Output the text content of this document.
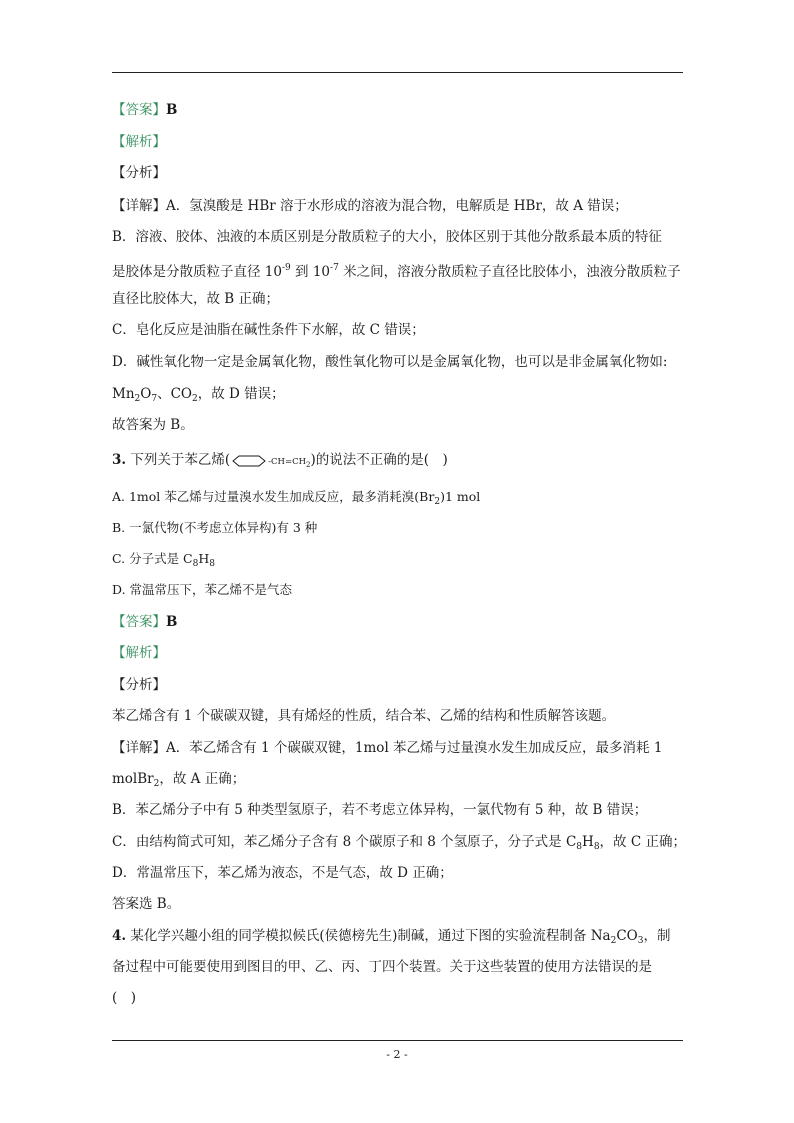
【答案】B
【解析】
【分析】
【详解】A．氢溴酸是 HBr 溶于水形成的溶液为混合物，电解质是 HBr，故 A 错误；
B．溶液、胶体、浊液的本质区别是分散质粒子的大小，胶体区别于其他分散系最本质的特征
是胶体是分散质粒子直径 $10^{-9}$ 到 $10^{-7}$ 米之间，溶液分散质粒子直径比胶体小，浊液分散质粒子
直径比胶体大，故 B 正确；
C．皂化反应是油脂在碱性条件下水解，故 C 错误；
D．碱性氧化物一定是金属氧化物，酸性氧化物可以是金属氧化物，也可以是非金属氧化物如:
$Mn_2O_7$、$CO_2$，故 D 错误；
故答案为 B。
3. 下列关于苯乙烯(	$-CH=CH_2$)的说法不正确的是(　)
A. 1mol 苯乙烯与过量溴水发生加成反应，最多消耗溴$(Br_2)1$ mol
B. 一氯代物(不考虑立体异构)有 3 种
C. 分子式是 $C_8H_8$
D. 常温常压下，苯乙烯不是气态
【答案】B
【解析】
【分析】
苯乙烯含有 1 个碳碳双键，具有烯烃的性质，结合苯、乙烯的结构和性质解答该题。
【详解】A．苯乙烯含有 1 个碳碳双键，1mol 苯乙烯与过量溴水发生加成反应，最多消耗 1
molBr$_2$，故 A 正确；
B．苯乙烯分子中有 5 种类型氢原子，若不考虑立体异构，一氯代物有 5 种，故 B 错误；
C．由结构简式可知，苯乙烯分子含有 8 个碳原子和 8 个氢原子，分子式是 $C_8H_8$，故 C 正确；
D．常温常压下，苯乙烯为液态，不是气态，故 D 正确；
答案选 B。
4. 某化学兴趣小组的同学模拟候氏(侯德榜先生)制碱，通过下图的实验流程制备 $Na_2CO_3$，制
备过程中可能要使用到图目的甲、乙、丙、丁四个装置。关于这些装置的使用方法错误的是
(　)
- 2 -
